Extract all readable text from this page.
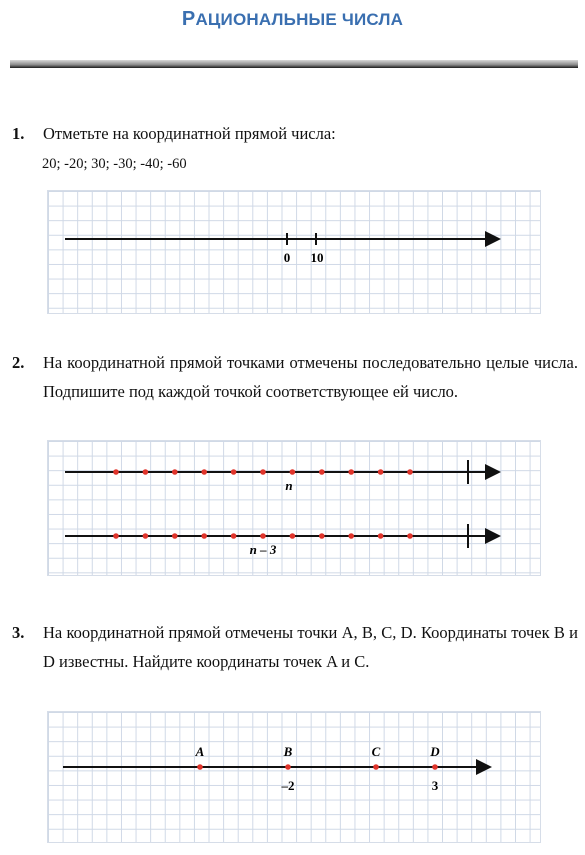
РАЦИОНАЛЬНЫЕ ЧИСЛА
1. Отметьте на координатной прямой числа:
20; -20; 30; -30; -40; -60
0 10
2. На координатной прямой точками отмечены последовательно целые числа. Подпишите под каждой точкой соответствующее ей число.
n
n – 3
3. На координатной прямой отмечены точки A, B, C, D. Координаты точек B и D известны. Найдите координаты точек A и C.
A	B
–2
C	D
3
